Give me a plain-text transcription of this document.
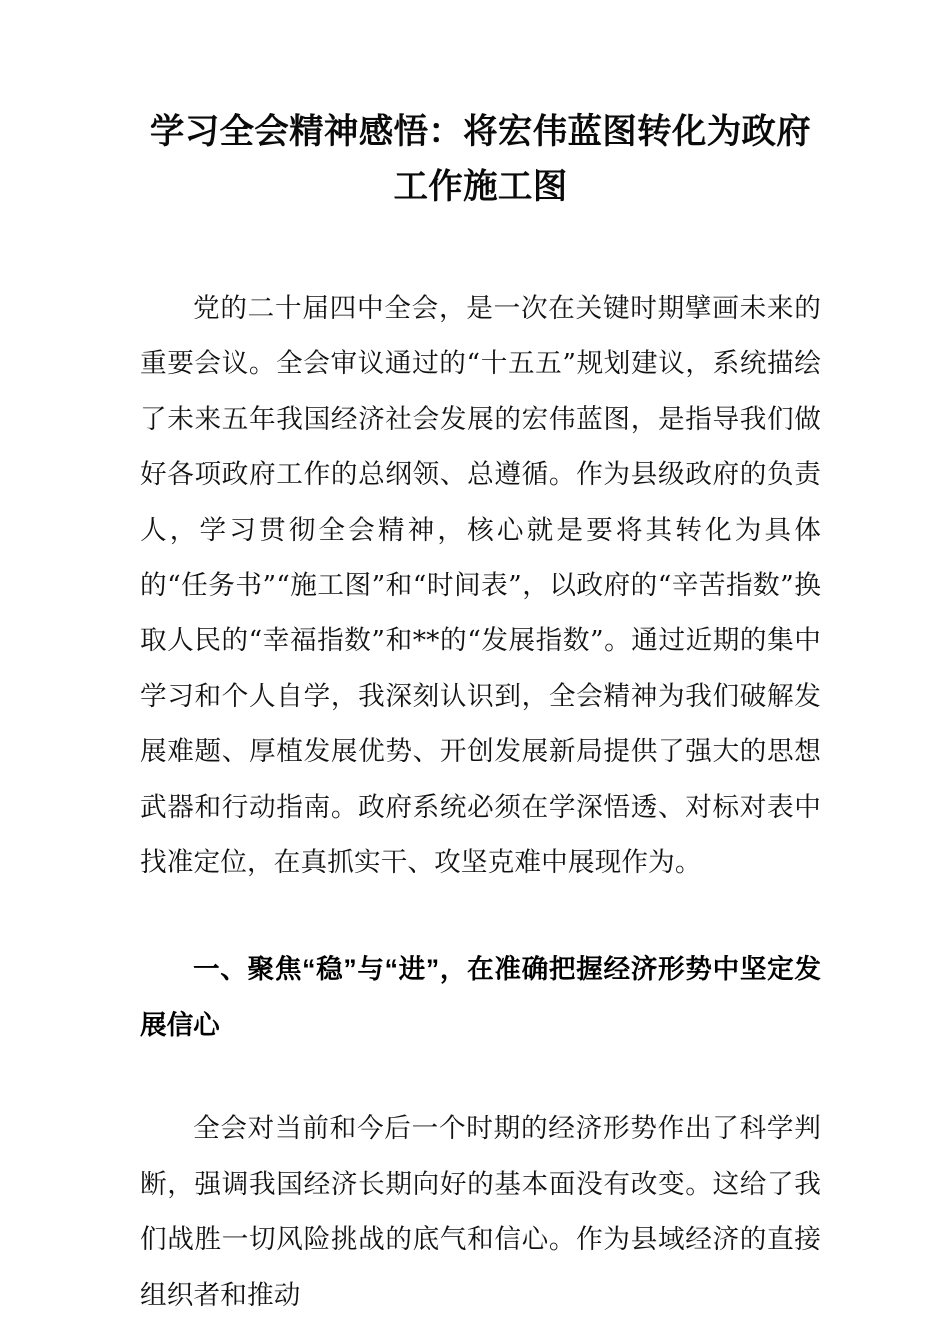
学习全会精神感悟：将宏伟蓝图转化为政府
工作施工图

党的二十届四中全会，是一次在关键时期擘画未来的重要会议。全会审议通过的“十五五”规划建议，系统描绘了未来五年我国经济社会发展的宏伟蓝图，是指导我们做好各项政府工作的总纲领、总遵循。作为县级政府的负责人，学习贯彻全会精神，核心就是要将其转化为具体的“任务书”“施工图”和“时间表”，以政府的“辛苦指数”换取人民的“幸福指数”和**的“发展指数”。通过近期的集中学习和个人自学，我深刻认识到，全会精神为我们破解发展难题、厚植发展优势、开创发展新局提供了强大的思想武器和行动指南。政府系统必须在学深悟透、对标对表中找准定位，在真抓实干、攻坚克难中展现作为。

一、聚焦“稳”与“进”，在准确把握经济形势中坚定发展信心

全会对当前和今后一个时期的经济形势作出了科学判断，强调我国经济长期向好的基本面没有改变。这给了我们战胜一切风险挑战的底气和信心。作为县域经济的直接组织者和推动
